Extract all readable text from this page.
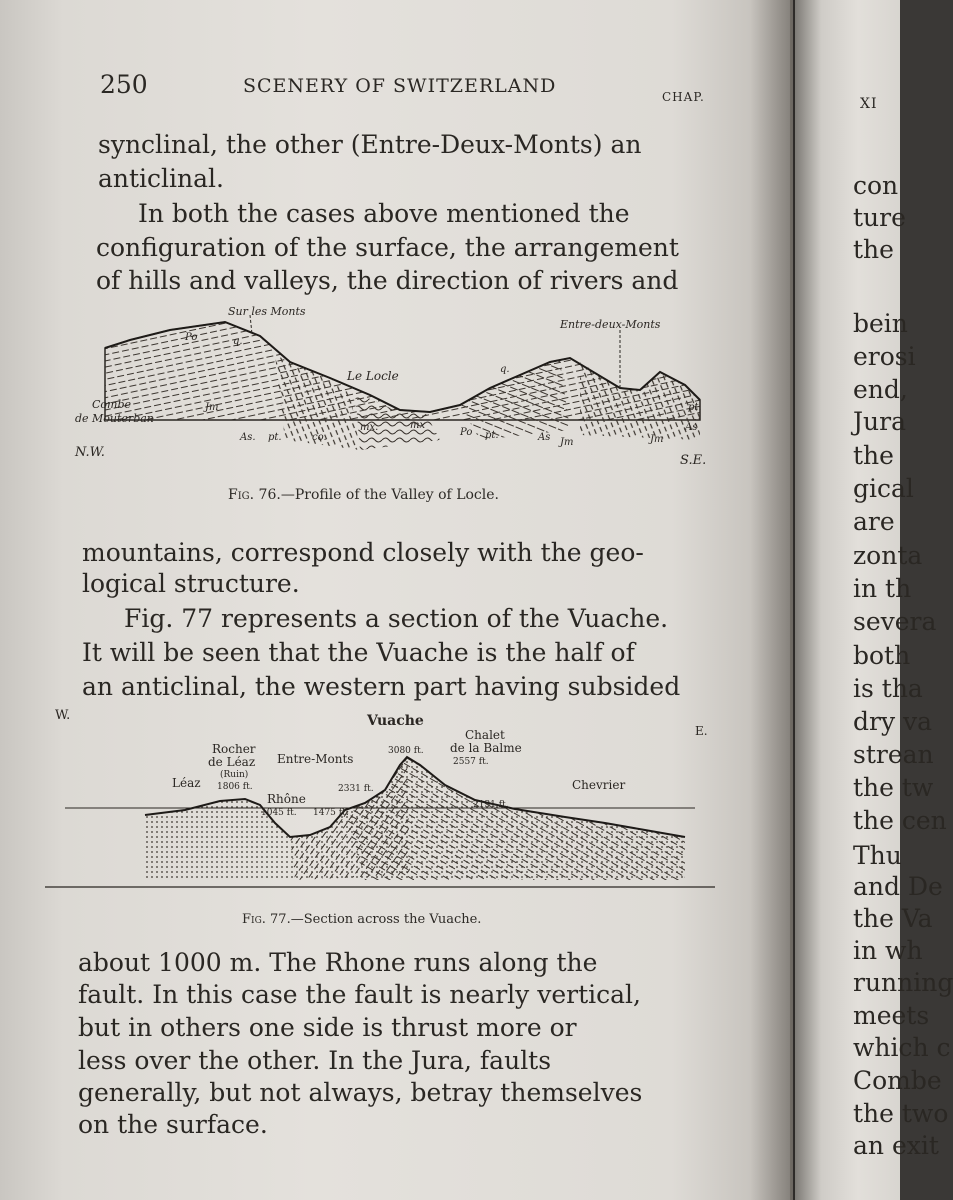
250	SCENERY OF SWITZERLAND	CHAP.
synclinal, the other (Entre-Deux-Monts) an
anticlinal.
In both the cases above mentioned the
configuration of the surface, the arrangement
of hills and valleys, the direction of rivers and
Sur les Monts
Entre-deux-Monts
Le Locle
Combe
de Mouterban
N.W.
S.E.
Po	q.
Jm
As. pt.	co.
mx.	mx
q.
Po pt.	As Jm
pt.
As
Jm
Fig. 76.—Profile of the Valley of Locle.
mountains, correspond closely with the geo-
logical structure.
Fig. 77 represents a section of the Vuache.
It will be seen that the Vuache is the half of
an anticlinal, the western part having subsided
W.
E.
Vuache
Chalet
de la Balme
2557 ft.
3080 ft.
Rocher
de Léaz
(Ruin)
1806 ft.
Léaz
Entre-Monts
Rhône
1045 ft. 1475 ft.
2331 ft.
2131 ft.
Chevrier
Fig. 77.—Section across the Vuache.
about 1000 m. The Rhone runs along the
fault. In this case the fault is nearly vertical,
but in others one side is thrust more or
less over the other. In the Jura, faults
generally, but not always, betray themselves
on the surface.
XI
con
ture
the
bein
erosi
end,
Jura
the
gical
are
zonta
in th
severa
both
is tha
dry va
strean
the tw
the cen
Thu
and De
the Va
in wh
running
meets
which c
Combe
the two
an exit
